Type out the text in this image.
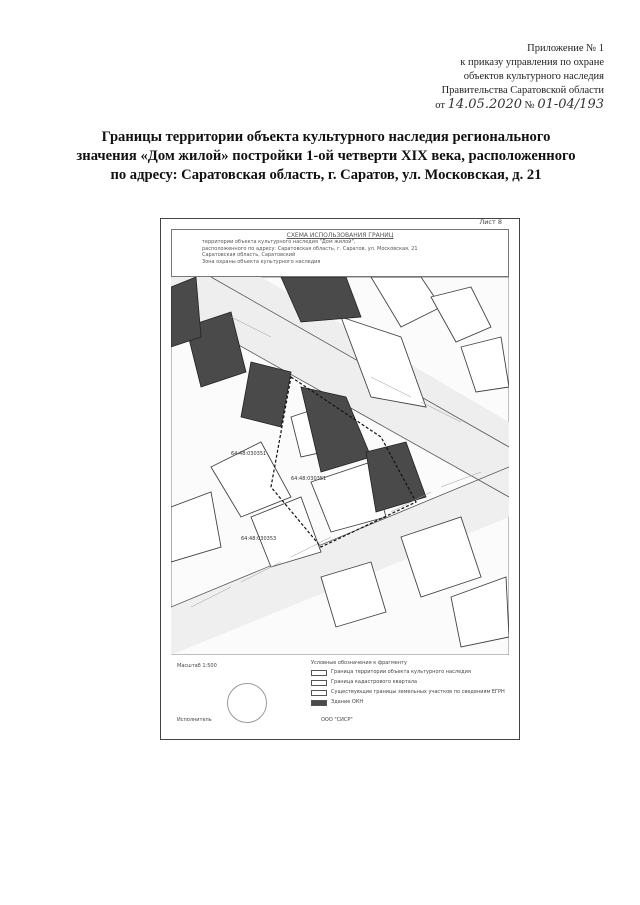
Приложение № 1
к приказу управления по охране
объектов культурного наследия
Правительства Саратовской области
от 14.05.2020 № 01-04/193
Границы территории объекта культурного наследия регионального
значения «Дом жилой» постройки 1-ой четверти XIX века, расположенного
по адресу: Саратовская область, г. Саратов, ул. Московская, д. 21
Лист 8
СХЕМА ИСПОЛЬЗОВАНИЯ ГРАНИЦ
территории объекта культурного наследия "Дом жилой",
расположенного по адресу: Саратовская область, г. Саратов, ул. Московская, 21
Саратовская область, Саратовский
Зона охраны объекта культурного наследия
64:48:030351
64:48:030351
64:48:030353
Масштаб 1:500	Условные обозначения к фрагменту
Граница территории объекта культурного наследия
Граница кадастрового квартала
Существующие границы земельных участков по сведениям ЕГРН
Здание ОКН
Исполнитель	ООО "СИСР"
